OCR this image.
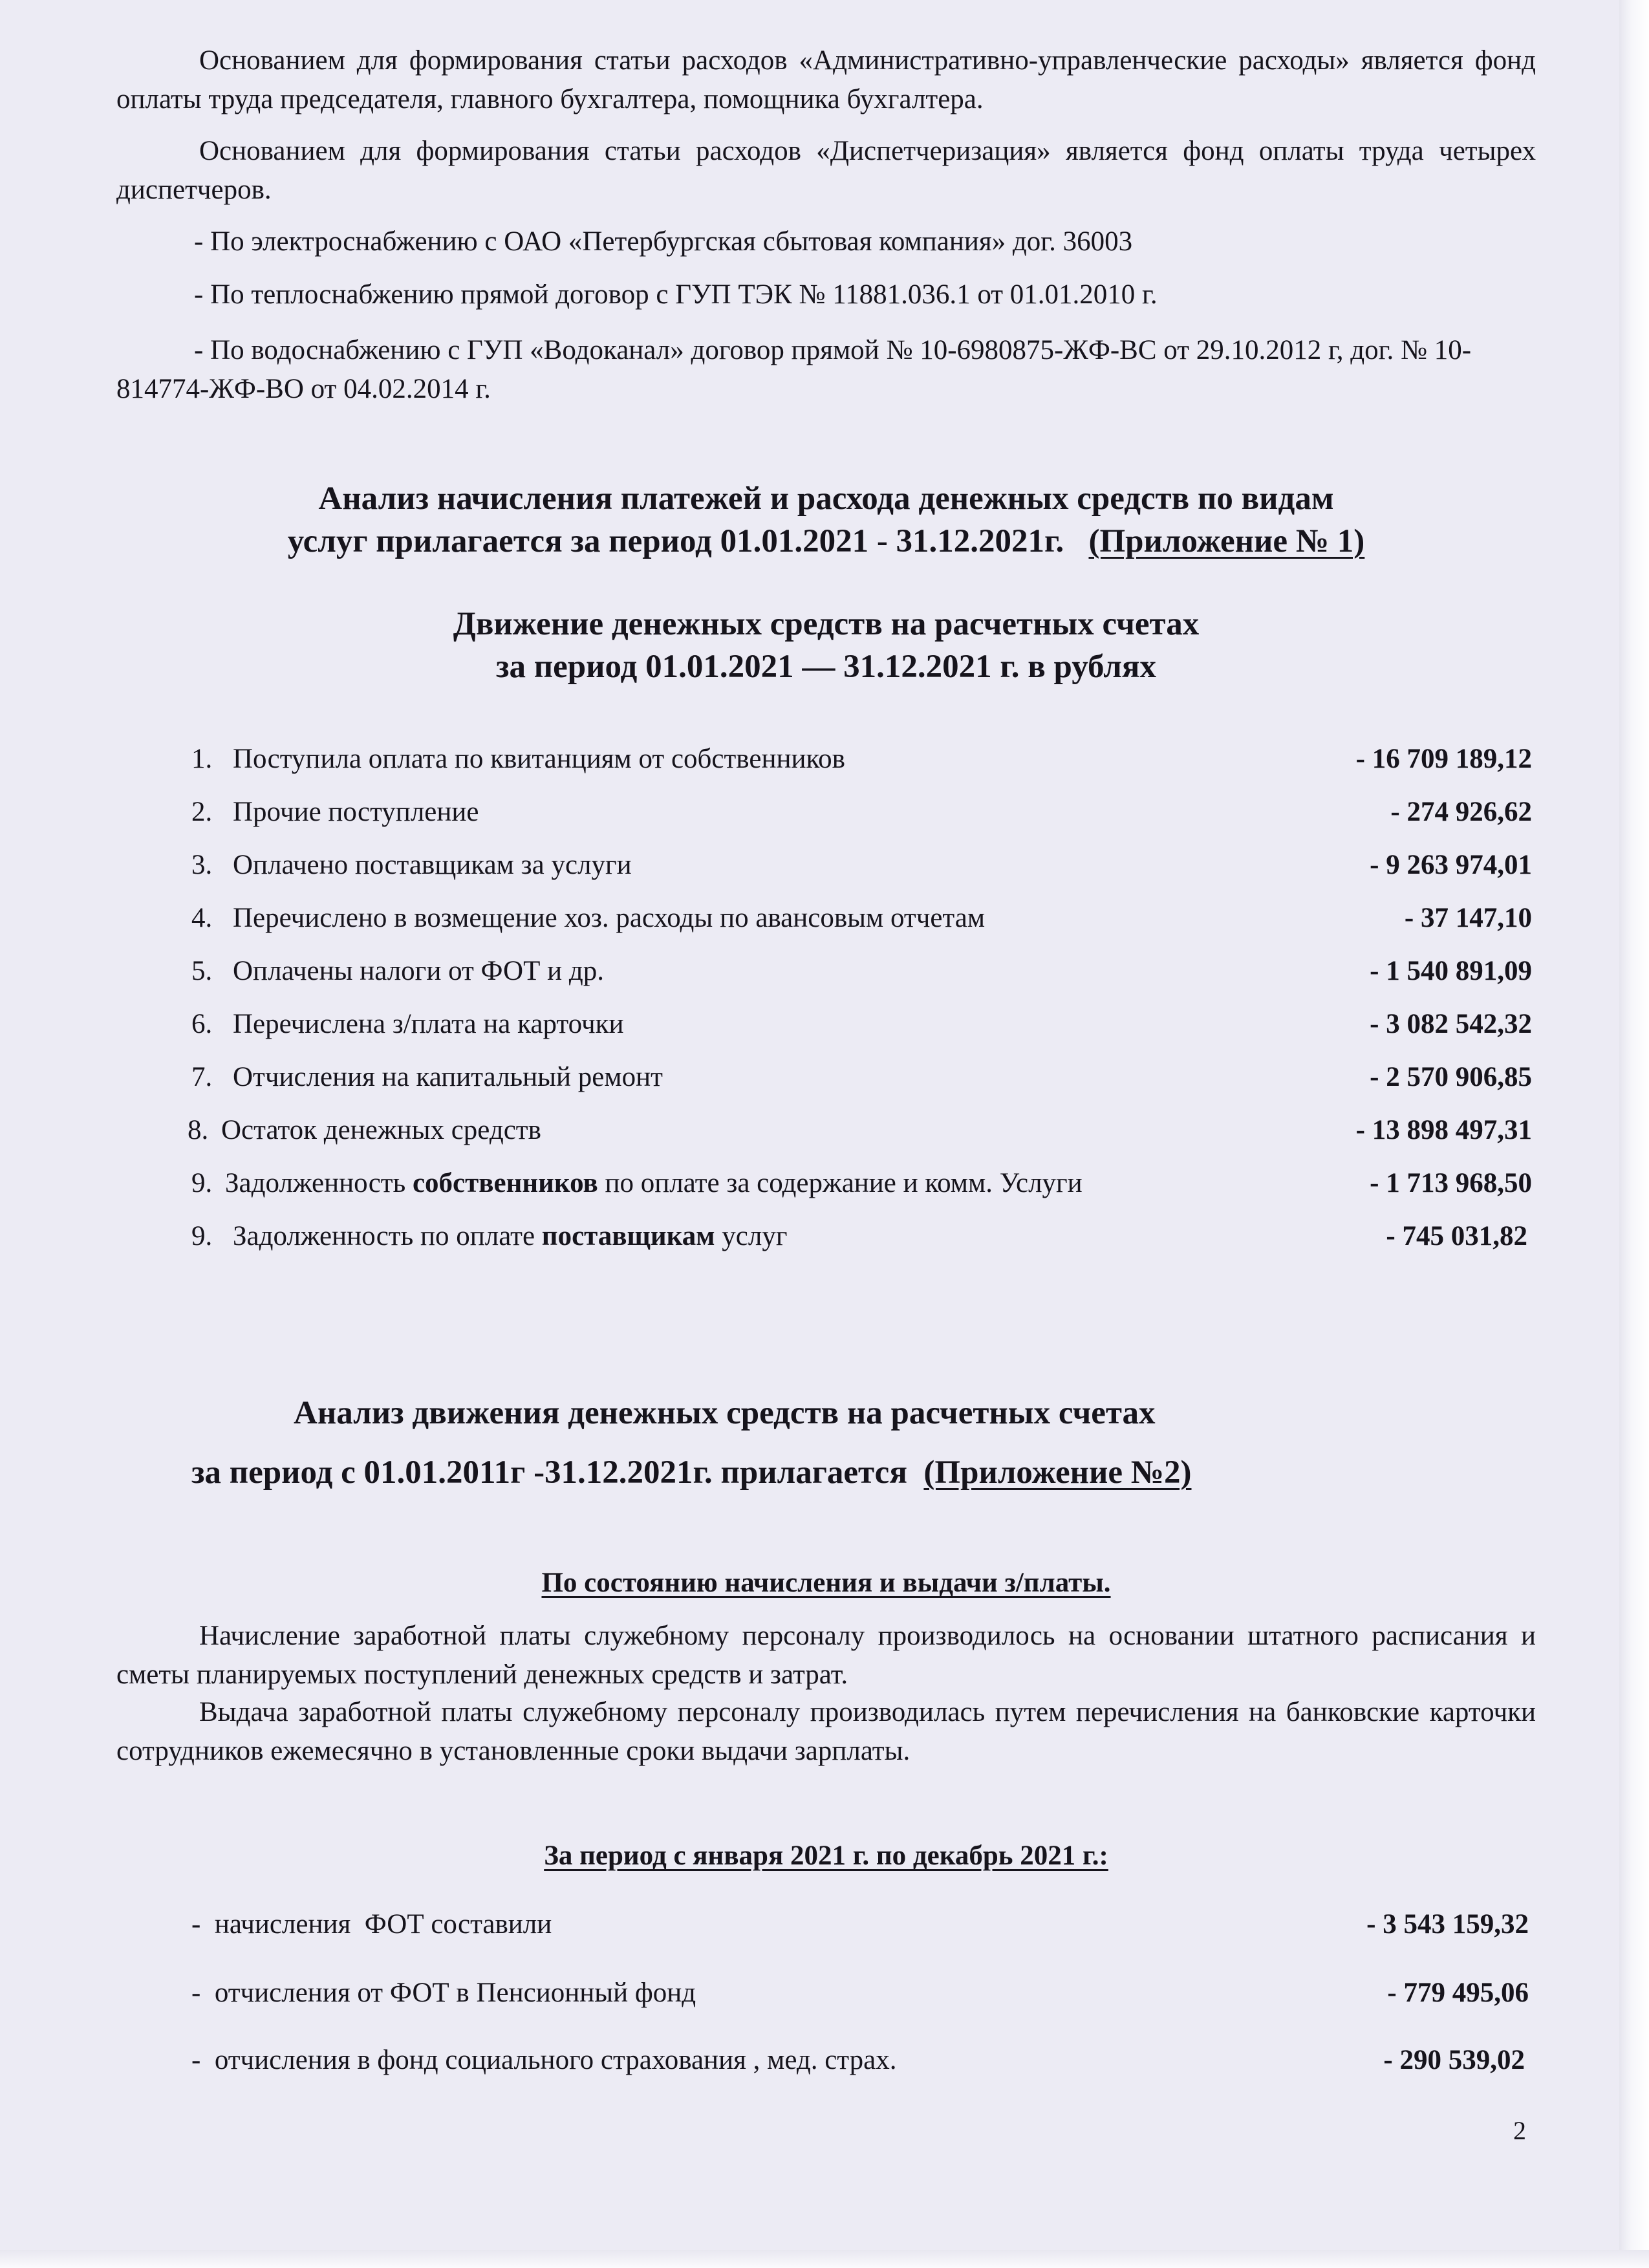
Основанием для формирования статьи расходов «Административно-управленческие расходы» является фонд оплаты труда председателя, главного бухгалтера, помощника бухгалтера.

Основанием для формирования статьи расходов «Диспетчеризация» является фонд оплаты труда четырех диспетчеров.

- По электроснабжению с ОАО «Петербургская сбытовая компания» дог. 36003

- По теплоснабжению прямой договор с ГУП ТЭК № 11881.036.1 от 01.01.2010 г.

- По водоснабжению с ГУП «Водоканал» договор прямой № 10-6980875-ЖФ-ВС от 29.10.2012 г, дог. № 10-814774-ЖФ-ВО от 04.02.2014 г.

Анализ начисления платежей и расхода денежных средств по видам
услуг прилагается за период 01.01.2021 - 31.12.2021г. (Приложение № 1)
Движение денежных средств на расчетных счетах
за период 01.01.2021 — 31.12.2021 г. в рублях
1. Поступила оплата по квитанциям от собственников	- 16 709 189,12
2. Прочие поступление	- 274 926,62
3. Оплачено поставщикам за услуги	- 9 263 974,01
4. Перечислено в возмещение хоз. расходы по авансовым отчетам	- 37 147,10
5. Оплачены налоги от ФОТ и др.	- 1 540 891,09
6. Перечислена з/плата на карточки	- 3 082 542,32
7. Отчисления на капитальный ремонт	- 2 570 906,85
8. Остаток денежных средств	- 13 898 497,31
9. Задолженность собственников по оплате за содержание и комм. Услуги	- 1 713 968,50
9. Задолженность по оплате поставщикам услуг	- 745 031,82
Анализ движения денежных средств на расчетных счетах
за период с 01.01.2011г -31.12.2021г. прилагается  (Приложение №2)
По состоянию начисления и выдачи з/платы.

Начисление заработной платы служебному персоналу производилось на основании штатного расписания и сметы планируемых поступлений денежных средств и затрат.

Выдача заработной платы служебному персоналу производилась путем перечисления на банковские карточки сотрудников ежемесячно в установленные сроки выдачи зарплаты.

За период с января 2021 г. по декабрь 2021 г.:
-  начисления  ФОТ составили	- 3 543 159,32
-  отчисления от ФОТ в Пенсионный фонд	- 779 495,06
-  отчисления в фонд социального страхования , мед. страх.	- 290 539,02
2
